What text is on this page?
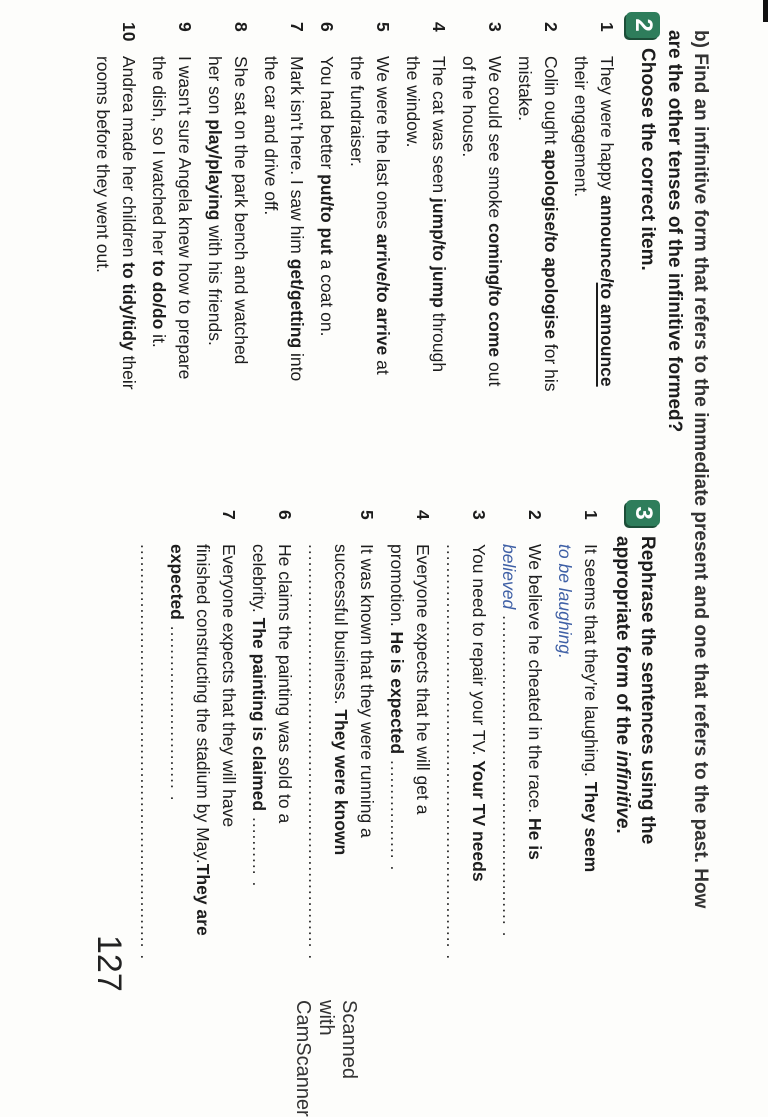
b) Find an infinitive form that refers to the immediate present and one that refers to the past. How
are the other tenses of the infinitive formed?
2
Choose the correct item.
1
They were happy announce/to announce
their engagement.
2
Colin ought apologise/to apologise for his
mistake.
3
We could see smoke coming/to come out
of the house.
4
The cat was seen jump/to jump through
the window.
5
We were the last ones arrive/to arrive at
the fundraiser.
6
You had better put/to put a coat on.
7
Mark isn't here. I saw him get/getting into
the car and drive off.
8
She sat on the park bench and watched
her son play/playing with his friends.
9
I wasn't sure Angela knew how to prepare
the dish, so I watched her to do/do it.
10
Andrea made her children to tidy/tidy their
rooms before they went out.
3
Rephrase the sentences using the
appropriate form of the infinitive.
1
It seems that they're laughing. They seem
to be laughing.
2
We believe he cheated in the race. He is
believed ..................................................... .
3
You need to repair your TV. Your TV needs
..................................................................... .
4
Everyone expects that he will get a
promotion. He is expected ................. .
5
It was known that they were running a
successful business. They were known
..................................................................... .
6
He claims the painting was sold to a
celebrity. The painting is claimed .......... .
7
Everyone expects that they will have
finished constructing the stadium by May.They are expected ............................ .
..................................................................... .
127
Scanned with CamScanner
